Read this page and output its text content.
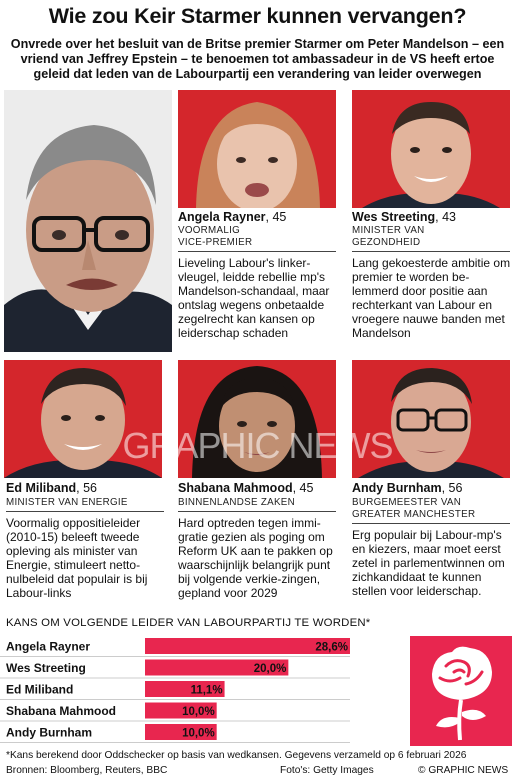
Wie zou Keir Starmer kunnen vervangen?
Onvrede over het besluit van de Britse premier Starmer om Peter Mandelson – een vriend van Jeffrey Epstein – te benoemen tot ambassadeur in de VS heeft ertoe geleid dat leden van de Labourpartij een verandering van leider overwegen
Angela Rayner, 45
VOORMALIG
VICE-PREMIER
Lieveling Labour's linker-vleugel, leidde rebellie mp's Mandelson-schandaal, maar ontslag wegens onbetaalde zegelrecht kan kansen op leiderschap schaden
Wes Streeting, 43
MINISTER VAN
GEZONDHEID
Lang gekoesterde ambitie om premier te worden be-lemmerd door positie aan rechterkant van Labour en vroegere nauwe banden met Mandelson
Ed Miliband, 56
MINISTER VAN ENERGIE
Voormalig oppositieleider (2010-15) beleeft tweede opleving als minister van Energie, stimuleert netto-nulbeleid dat populair is bij Labour-links
Shabana Mahmood, 45
BINNENLANDSE ZAKEN
Hard optreden tegen immi-gratie gezien als poging om Reform UK aan te pakken op waarschijnlijk belangrijk punt bij volgende verkie-zingen, gepland voor 2029
Andy Burnham, 56
BURGEMEESTER VAN
GREATER MANCHESTER
Erg populair bij Labour-mp's en kiezers, maar moet eerst zetel in parlementwinnen om zichkandidaat te kunnen stellen voor leiderschap.
GRAPHIC NEWS
KANS OM VOLGENDE LEIDER VAN LABOURPARTIJ TE WORDEN*
Angela Rayner	28,6%
Wes Streeting	20,0%
Ed Miliband	11,1%
Shabana Mahmood	10,0%
Andy Burnham	10,0%
*Kans berekend door Oddschecker op basis van wedkansen. Gegevens verzameld op 6 februari 2026
Bronnen: Bloomberg, Reuters, BBC	Foto's: Getty Images	© GRAPHIC NEWS
